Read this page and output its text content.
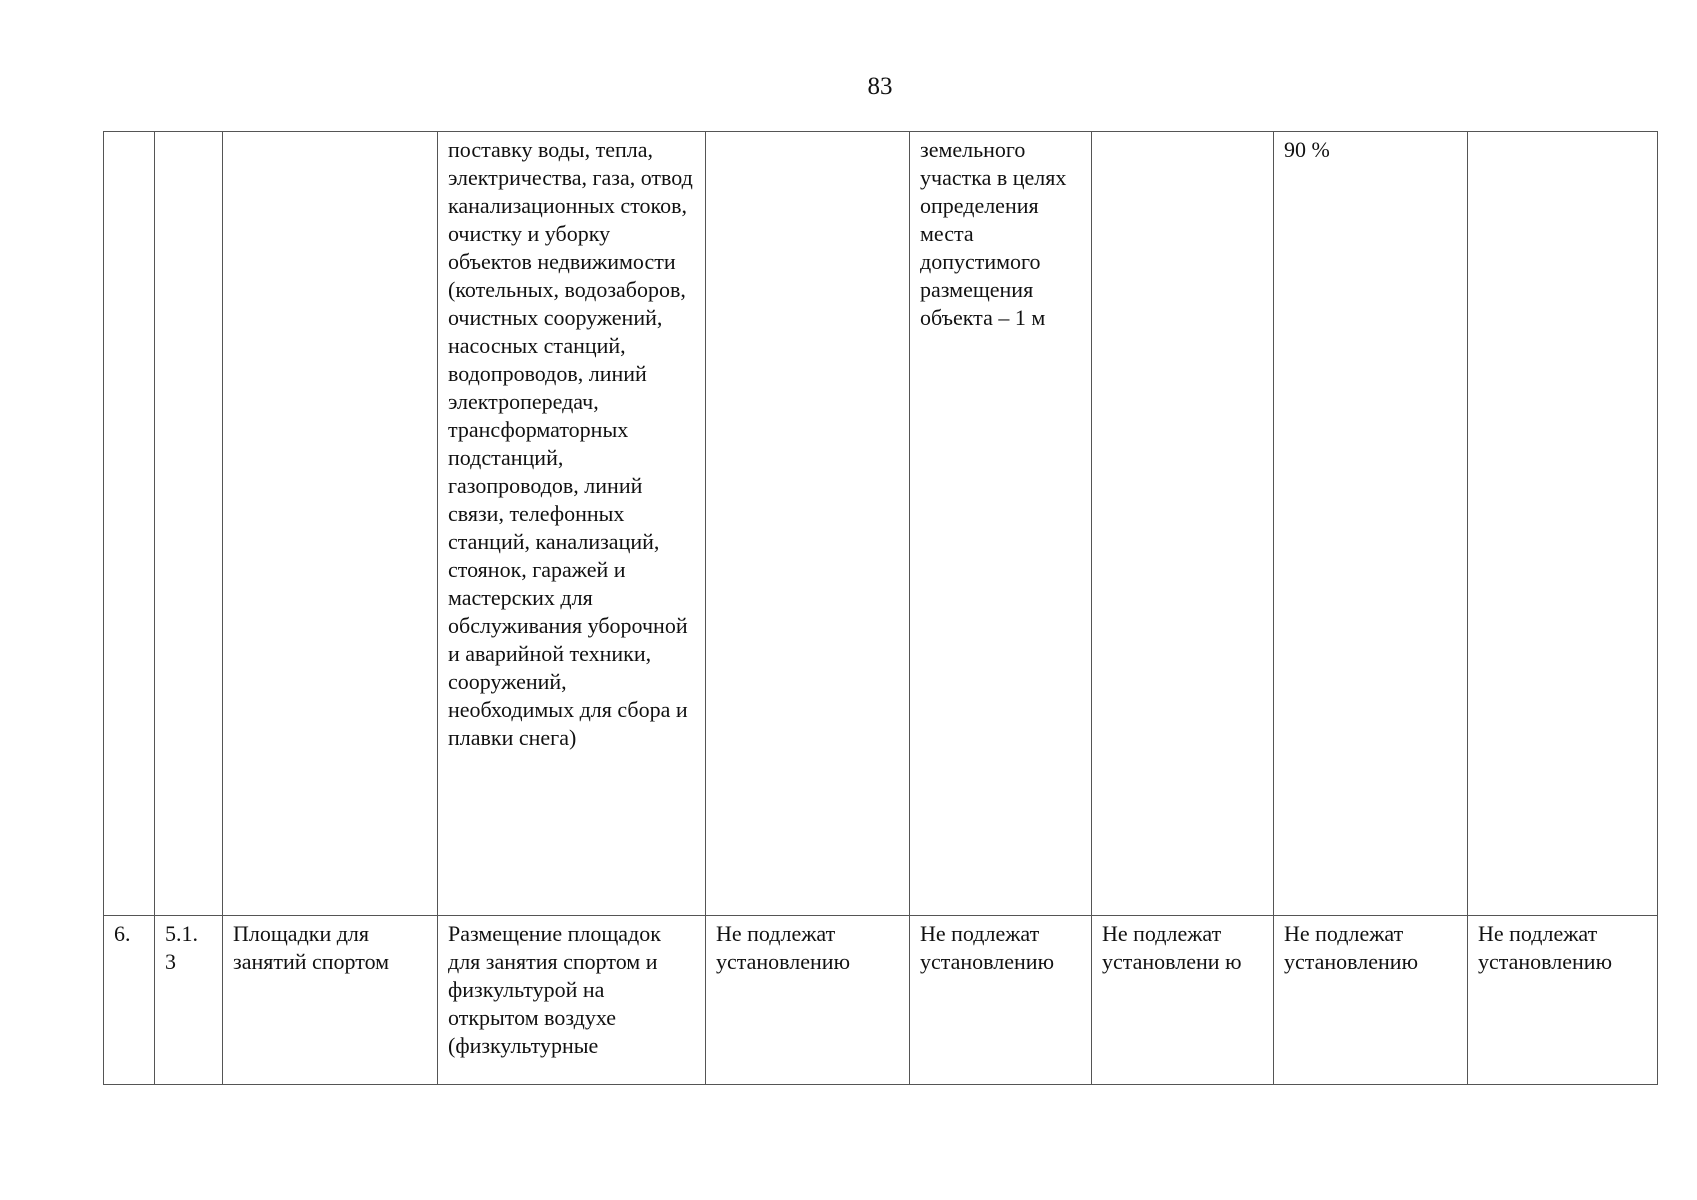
83
			поставку воды, тепла, электричества, газа, отвод канализационных стоков, очистку и уборку объектов недвижимости (котельных, водозаборов, очистных сооружений, насосных станций, водопроводов, линий электропередач, трансформаторных подстанций, газопроводов, линий связи, телефонных станций, канализаций, стоянок, гаражей и мастерских для обслуживания уборочной и аварийной техники, сооружений, необходимых для сбора и плавки снега)		земельного участка в целях определения места допустимого размещения объекта – 1 м		90 %	
6.	5.1. 3	Площадки для занятий спортом	Размещение площадок для занятия спортом и физкультурой на открытом воздухе (физкультурные	Не подлежат установлению	Не подлежат установлению	Не подлежат установлени ю	Не подлежат установлению	Не подлежат установлению
